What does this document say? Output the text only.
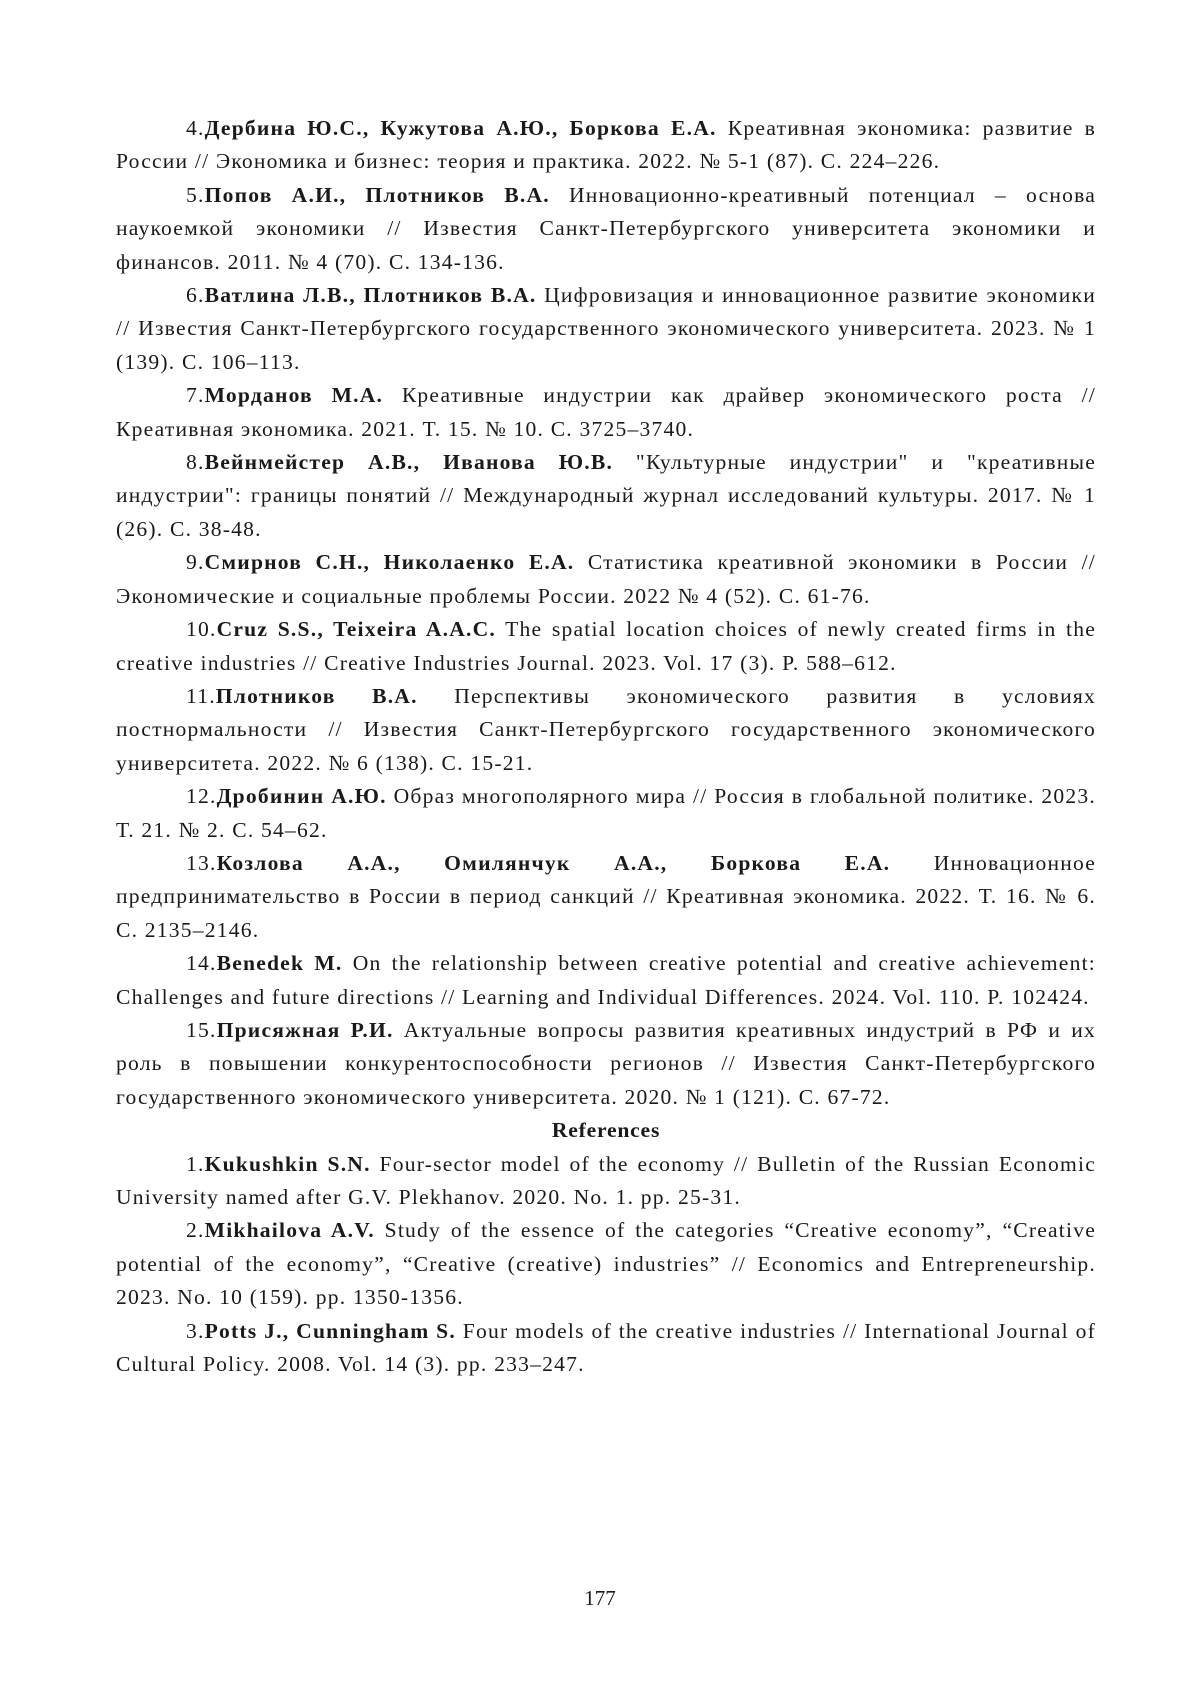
4.Дербина Ю.С., Кужутова А.Ю., Боркова Е.А. Креативная экономика: развитие в России // Экономика и бизнес: теория и практика. 2022. № 5-1 (87). С. 224–226.

5.Попов А.И., Плотников В.А. Инновационно-креативный потенциал – основа наукоемкой экономики // Известия Санкт-Петербургского университета экономики и финансов. 2011. № 4 (70). С. 134-136.

6.Ватлина Л.В., Плотников В.А. Цифровизация и инновационное развитие экономики // Известия Санкт-Петербургского государственного экономического университета. 2023. № 1 (139). С. 106–113.

7.Морданов М.А. Креативные индустрии как драйвер экономического роста // Креативная экономика. 2021. Т. 15. № 10. С. 3725–3740.

8.Вейнмейстер А.В., Иванова Ю.В. "Культурные индустрии" и "креативные индустрии": границы понятий // Международный журнал исследований культуры. 2017. № 1 (26). С. 38-48.

9.Смирнов С.Н., Николаенко Е.А. Статистика креативной экономики в России // Экономические и социальные проблемы России. 2022 № 4 (52). С. 61-76.

10.Cruz S.S., Teixeira A.A.C. The spatial location choices of newly created firms in the creative industries // Creative Industries Journal. 2023. Vol. 17 (3). P. 588–612.

11.Плотников В.А. Перспективы экономического развития в условиях постнормальности // Известия Санкт-Петербургского государственного экономического университета. 2022. № 6 (138). С. 15-21.

12.Дробинин А.Ю. Образ многополярного мира // Россия в глобальной политике. 2023. Т. 21. № 2. С. 54–62.

13.Козлова А.А., Омилянчук А.А., Боркова Е.А. Инновационное предпринимательство в России в период санкций // Креативная экономика. 2022. Т. 16. № 6. С. 2135–2146.

14.Benedek M. On the relationship between creative potential and creative achievement: Challenges and future directions // Learning and Individual Differences. 2024. Vol. 110. P. 102424.

15.Присяжная Р.И. Актуальные вопросы развития креативных индустрий в РФ и их роль в повышении конкурентоспособности регионов // Известия Санкт-Петербургского государственного экономического университета. 2020. № 1 (121). С. 67-72.

References

1.Kukushkin S.N. Four-sector model of the economy // Bulletin of the Russian Economic University named after G.V. Plekhanov. 2020. No. 1. pp. 25-31.

2.Mikhailova A.V. Study of the essence of the categories “Creative economy”, “Creative potential of the economy”, “Creative (creative) industries” // Economics and Entrepreneurship. 2023. No. 10 (159). pp. 1350-1356.

3.Potts J., Cunningham S. Four models of the creative industries // International Journal of Cultural Policy. 2008. Vol. 14 (3). pp. 233–247.

177
